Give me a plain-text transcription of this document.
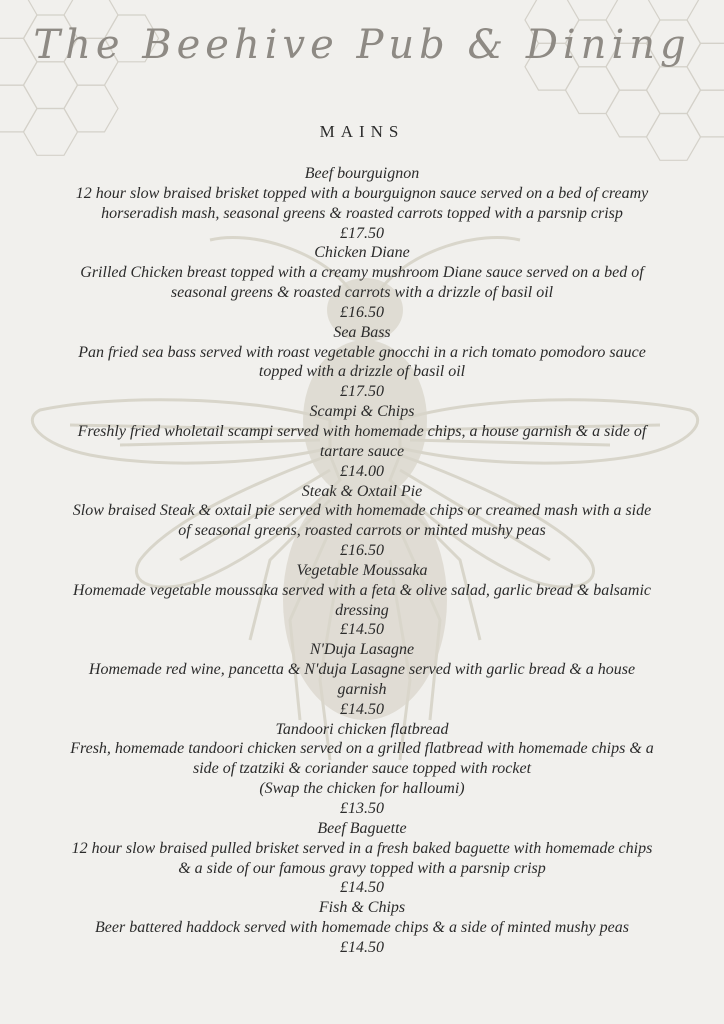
The Beehive Pub & Dining
MAINS
Beef bourguignon
12 hour slow braised brisket topped with a bourguignon sauce served on a bed of creamy
horseradish mash, seasonal greens & roasted carrots topped with a parsnip crisp
£17.50
Chicken Diane
Grilled Chicken breast topped with a creamy mushroom Diane sauce served on a bed of
seasonal greens & roasted carrots with a drizzle of basil oil
£16.50
Sea Bass
Pan fried sea bass served with roast vegetable gnocchi in a rich tomato pomodoro sauce
topped with a drizzle of basil oil
£17.50
Scampi & Chips
Freshly fried wholetail scampi served with homemade chips, a house garnish & a side of
tartare sauce
£14.00
Steak & Oxtail Pie
Slow braised Steak & oxtail pie served with homemade chips or creamed mash with a side
of seasonal greens, roasted carrots or minted mushy peas
£16.50
Vegetable Moussaka
Homemade vegetable moussaka served with a feta & olive salad, garlic bread & balsamic
dressing
£14.50
N'Duja Lasagne
Homemade red wine, pancetta & N'duja Lasagne served with garlic bread & a house
garnish
£14.50
Tandoori chicken flatbread
Fresh, homemade tandoori chicken served on a grilled flatbread with homemade chips & a
side of tzatziki & coriander sauce topped with rocket
(Swap the chicken for halloumi)
£13.50
Beef Baguette
12 hour slow braised pulled brisket served in a fresh baked baguette with homemade chips
& a side of our famous gravy topped with a parsnip crisp
£14.50
Fish & Chips
Beer battered haddock served with homemade chips & a side of minted mushy peas
£14.50
